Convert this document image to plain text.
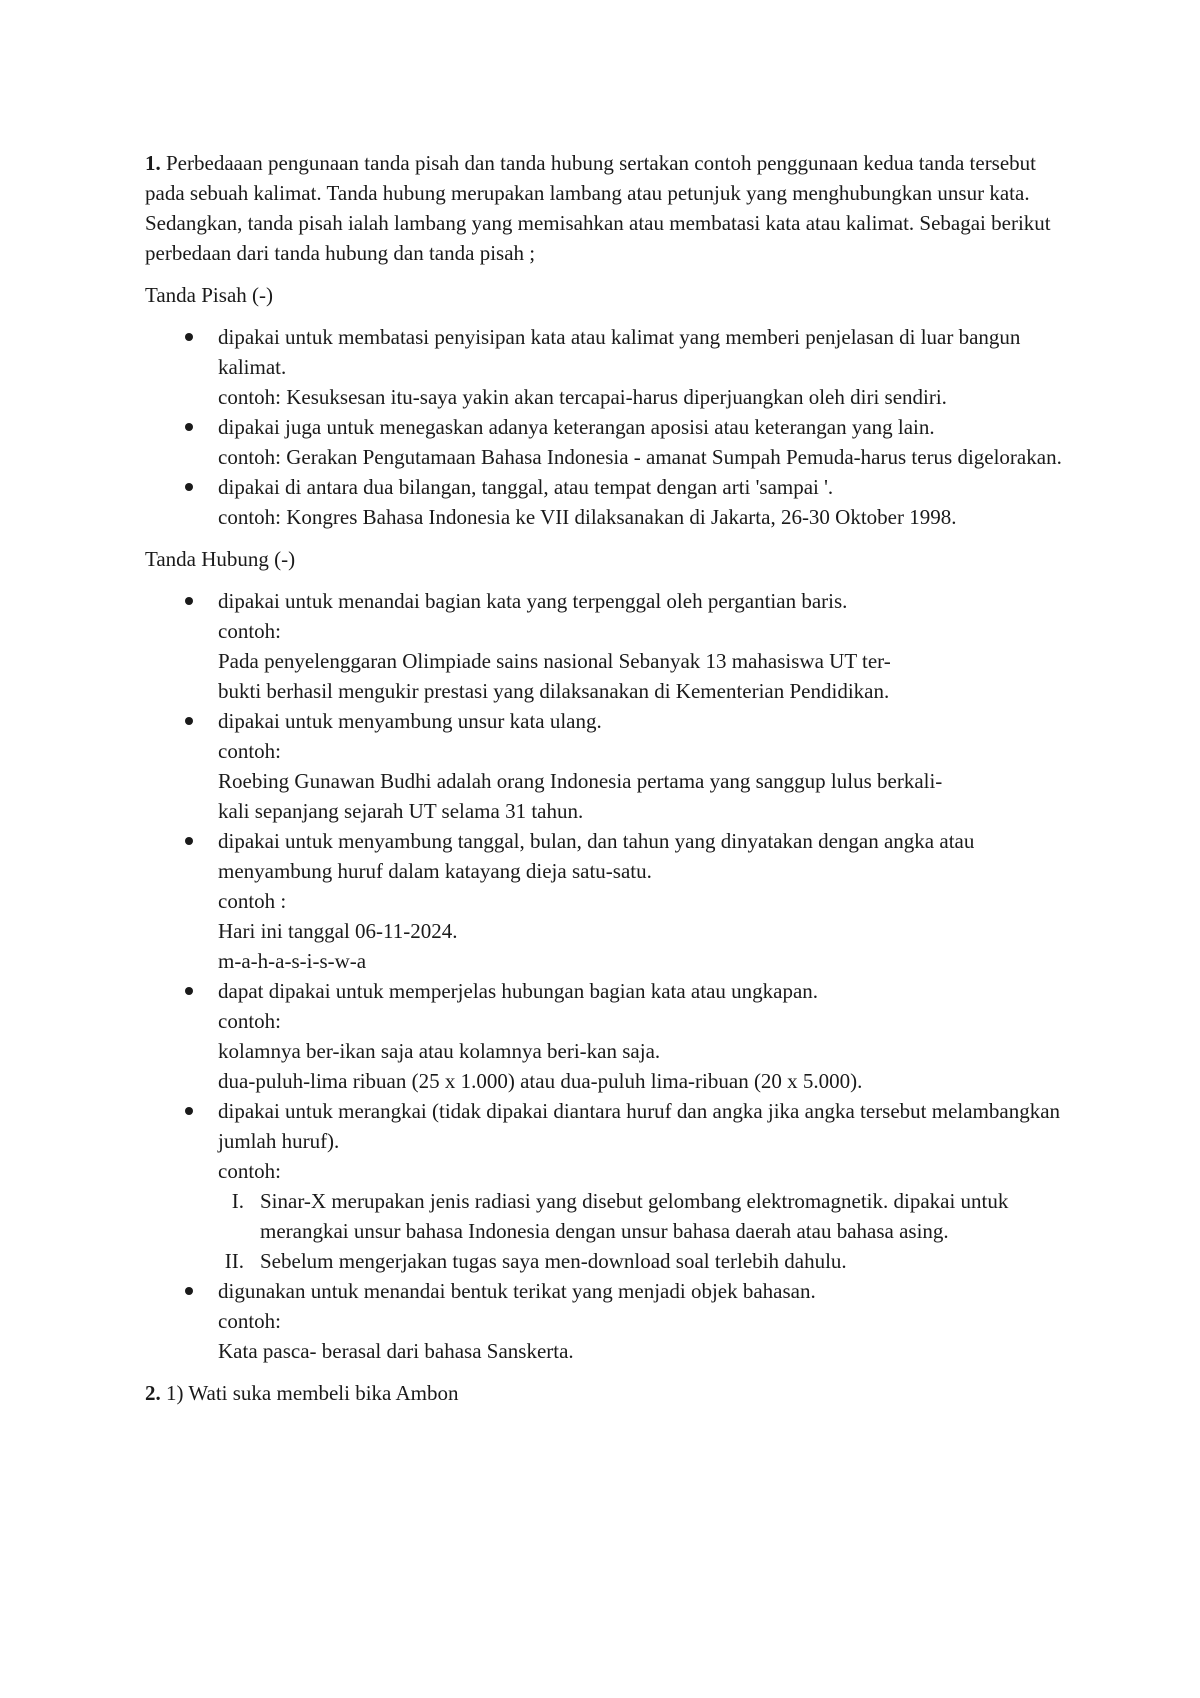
1. Perbedaaan pengunaan tanda pisah dan tanda hubung sertakan contoh penggunaan kedua tanda tersebut pada sebuah kalimat. Tanda hubung merupakan lambang atau petunjuk yang menghubungkan unsur kata. Sedangkan, tanda pisah ialah lambang yang memisahkan atau membatasi kata atau kalimat. Sebagai berikut perbedaan dari tanda hubung dan tanda pisah ;

Tanda Pisah (-)

dipakai untuk membatasi penyisipan kata atau kalimat yang memberi penjelasan di luar bangun kalimat.
contoh: Kesuksesan itu-saya yakin akan tercapai-harus diperjuangkan oleh diri sendiri.
dipakai juga untuk menegaskan adanya keterangan aposisi atau keterangan yang lain.
contoh: Gerakan Pengutamaan Bahasa Indonesia - amanat Sumpah Pemuda-harus terus digelorakan.
dipakai di antara dua bilangan, tanggal, atau tempat dengan arti 'sampai '.
contoh: Kongres Bahasa Indonesia ke VII dilaksanakan di Jakarta, 26-30 Oktober 1998.

Tanda Hubung (-)

dipakai untuk menandai bagian kata yang terpenggal oleh pergantian baris.
contoh:
Pada penyelenggaran Olimpiade sains nasional Sebanyak 13 mahasiswa UT ter-
bukti berhasil mengukir prestasi yang dilaksanakan di Kementerian Pendidikan.
dipakai untuk menyambung unsur kata ulang.
contoh:
Roebing Gunawan Budhi adalah orang Indonesia pertama yang sanggup lulus berkali-
kali sepanjang sejarah UT selama 31 tahun.
dipakai untuk menyambung tanggal, bulan, dan tahun yang dinyatakan dengan angka atau menyambung huruf dalam katayang dieja satu-satu.
contoh :
Hari ini tanggal 06-11-2024.
m-a-h-a-s-i-s-w-a
dapat dipakai untuk memperjelas hubungan bagian kata atau ungkapan.
contoh:
kolamnya ber-ikan saja atau kolamnya beri-kan saja.
dua-puluh-lima ribuan (25 x 1.000) atau dua-puluh lima-ribuan (20 x 5.000).
dipakai untuk merangkai (tidak dipakai diantara huruf dan angka jika angka tersebut melambangkan jumlah huruf).
contoh:
I. Sinar-X merupakan jenis radiasi yang disebut gelombang elektromagnetik. dipakai untuk merangkai unsur bahasa Indonesia dengan unsur bahasa daerah atau bahasa asing.
II. Sebelum mengerjakan tugas saya men-download soal terlebih dahulu.
digunakan untuk menandai bentuk terikat yang menjadi objek bahasan.
contoh:
Kata pasca- berasal dari bahasa Sanskerta.

2. 1) Wati suka membeli bika Ambon
